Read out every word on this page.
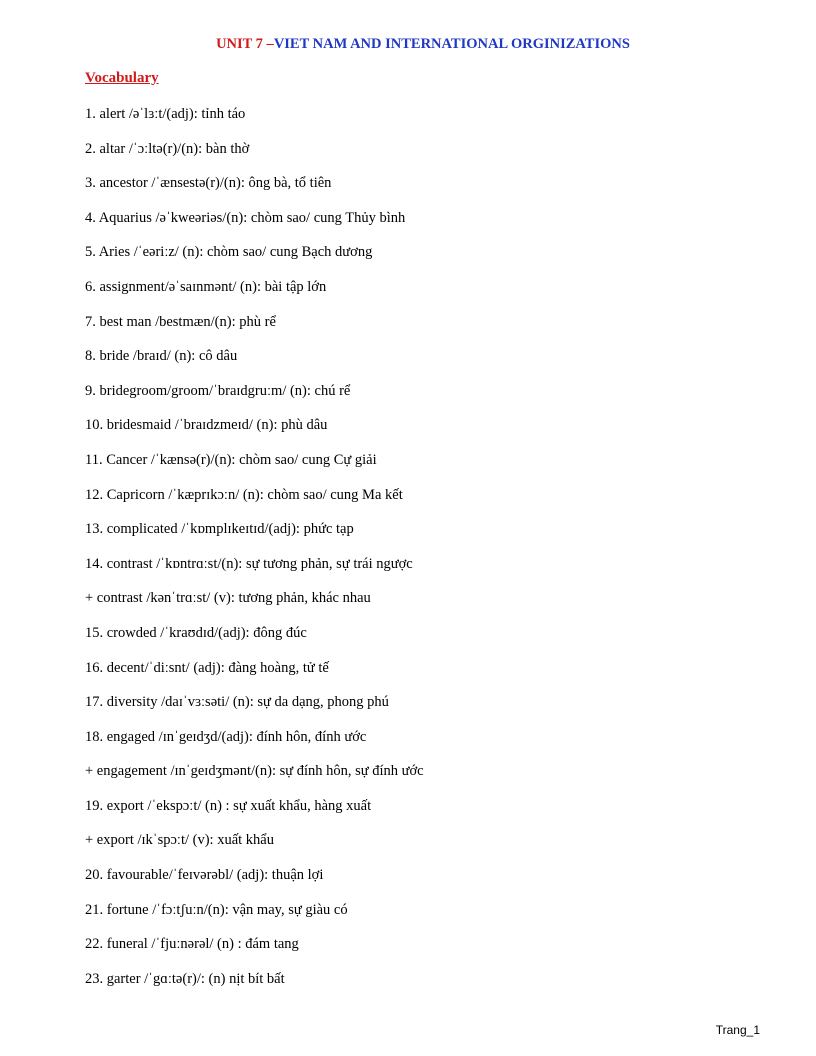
UNIT 7 –VIET NAM AND INTERNATIONAL ORGINIZATIONS
Vocabulary
1. alert /əˈlɜːt/(adj): tỉnh táo
2. altar /ˈɔːltə(r)/(n): bàn thờ
3. ancestor /ˈænsestə(r)/(n): ông bà, tổ tiên
4. Aquarius /əˈkweəriəs/(n): chòm sao/ cung Thủy bình
5. Aries /ˈeəriːz/ (n): chòm sao/ cung Bạch dương
6. assignment/əˈsaɪnmənt/ (n): bài tập lớn
7. best man /bestmæn/(n): phù rể
8. bride /braɪd/ (n): cô dâu
9. bridegroom/groom/ˈbraɪdgruːm/ (n): chú rể
10. bridesmaid /ˈbraɪdzmeɪd/ (n): phù dâu
11. Cancer /ˈkænsə(r)/(n): chòm sao/ cung Cự giải
12. Capricorn /ˈkæprɪkɔːn/ (n): chòm sao/ cung Ma kết
13. complicated /ˈkɒmplɪkeɪtɪd/(adj): phức tạp
14. contrast /ˈkɒntrɑːst/(n): sự tương phản, sự trái ngược
+ contrast /kənˈtrɑːst/ (v): tương phản, khác nhau
15. crowded /ˈkraʊdɪd/(adj): đông đúc
16. decent/ˈdiːsnt/ (adj): đàng hoàng, tử tế
17. diversity /daɪˈvɜːsəti/ (n): sự da dạng, phong phú
18. engaged /ɪnˈgeɪdʒd/(adj): đính hôn, đính ước
+ engagement /ɪnˈgeɪdʒmənt/(n): sự đính hôn, sự đính ước
19. export /ˈekspɔːt/ (n) : sự xuất khẩu, hàng xuất
+ export /ɪkˈspɔːt/ (v): xuất khẩu
20. favourable/ˈfeɪvərəbl/ (adj): thuận lợi
21. fortune /ˈfɔːtʃuːn/(n): vận may, sự giàu có
22. funeral /ˈfjuːnərəl/ (n) : đám tang
23. garter /ˈgɑːtə(r)/: (n) nịt bít bất
Trang_1
